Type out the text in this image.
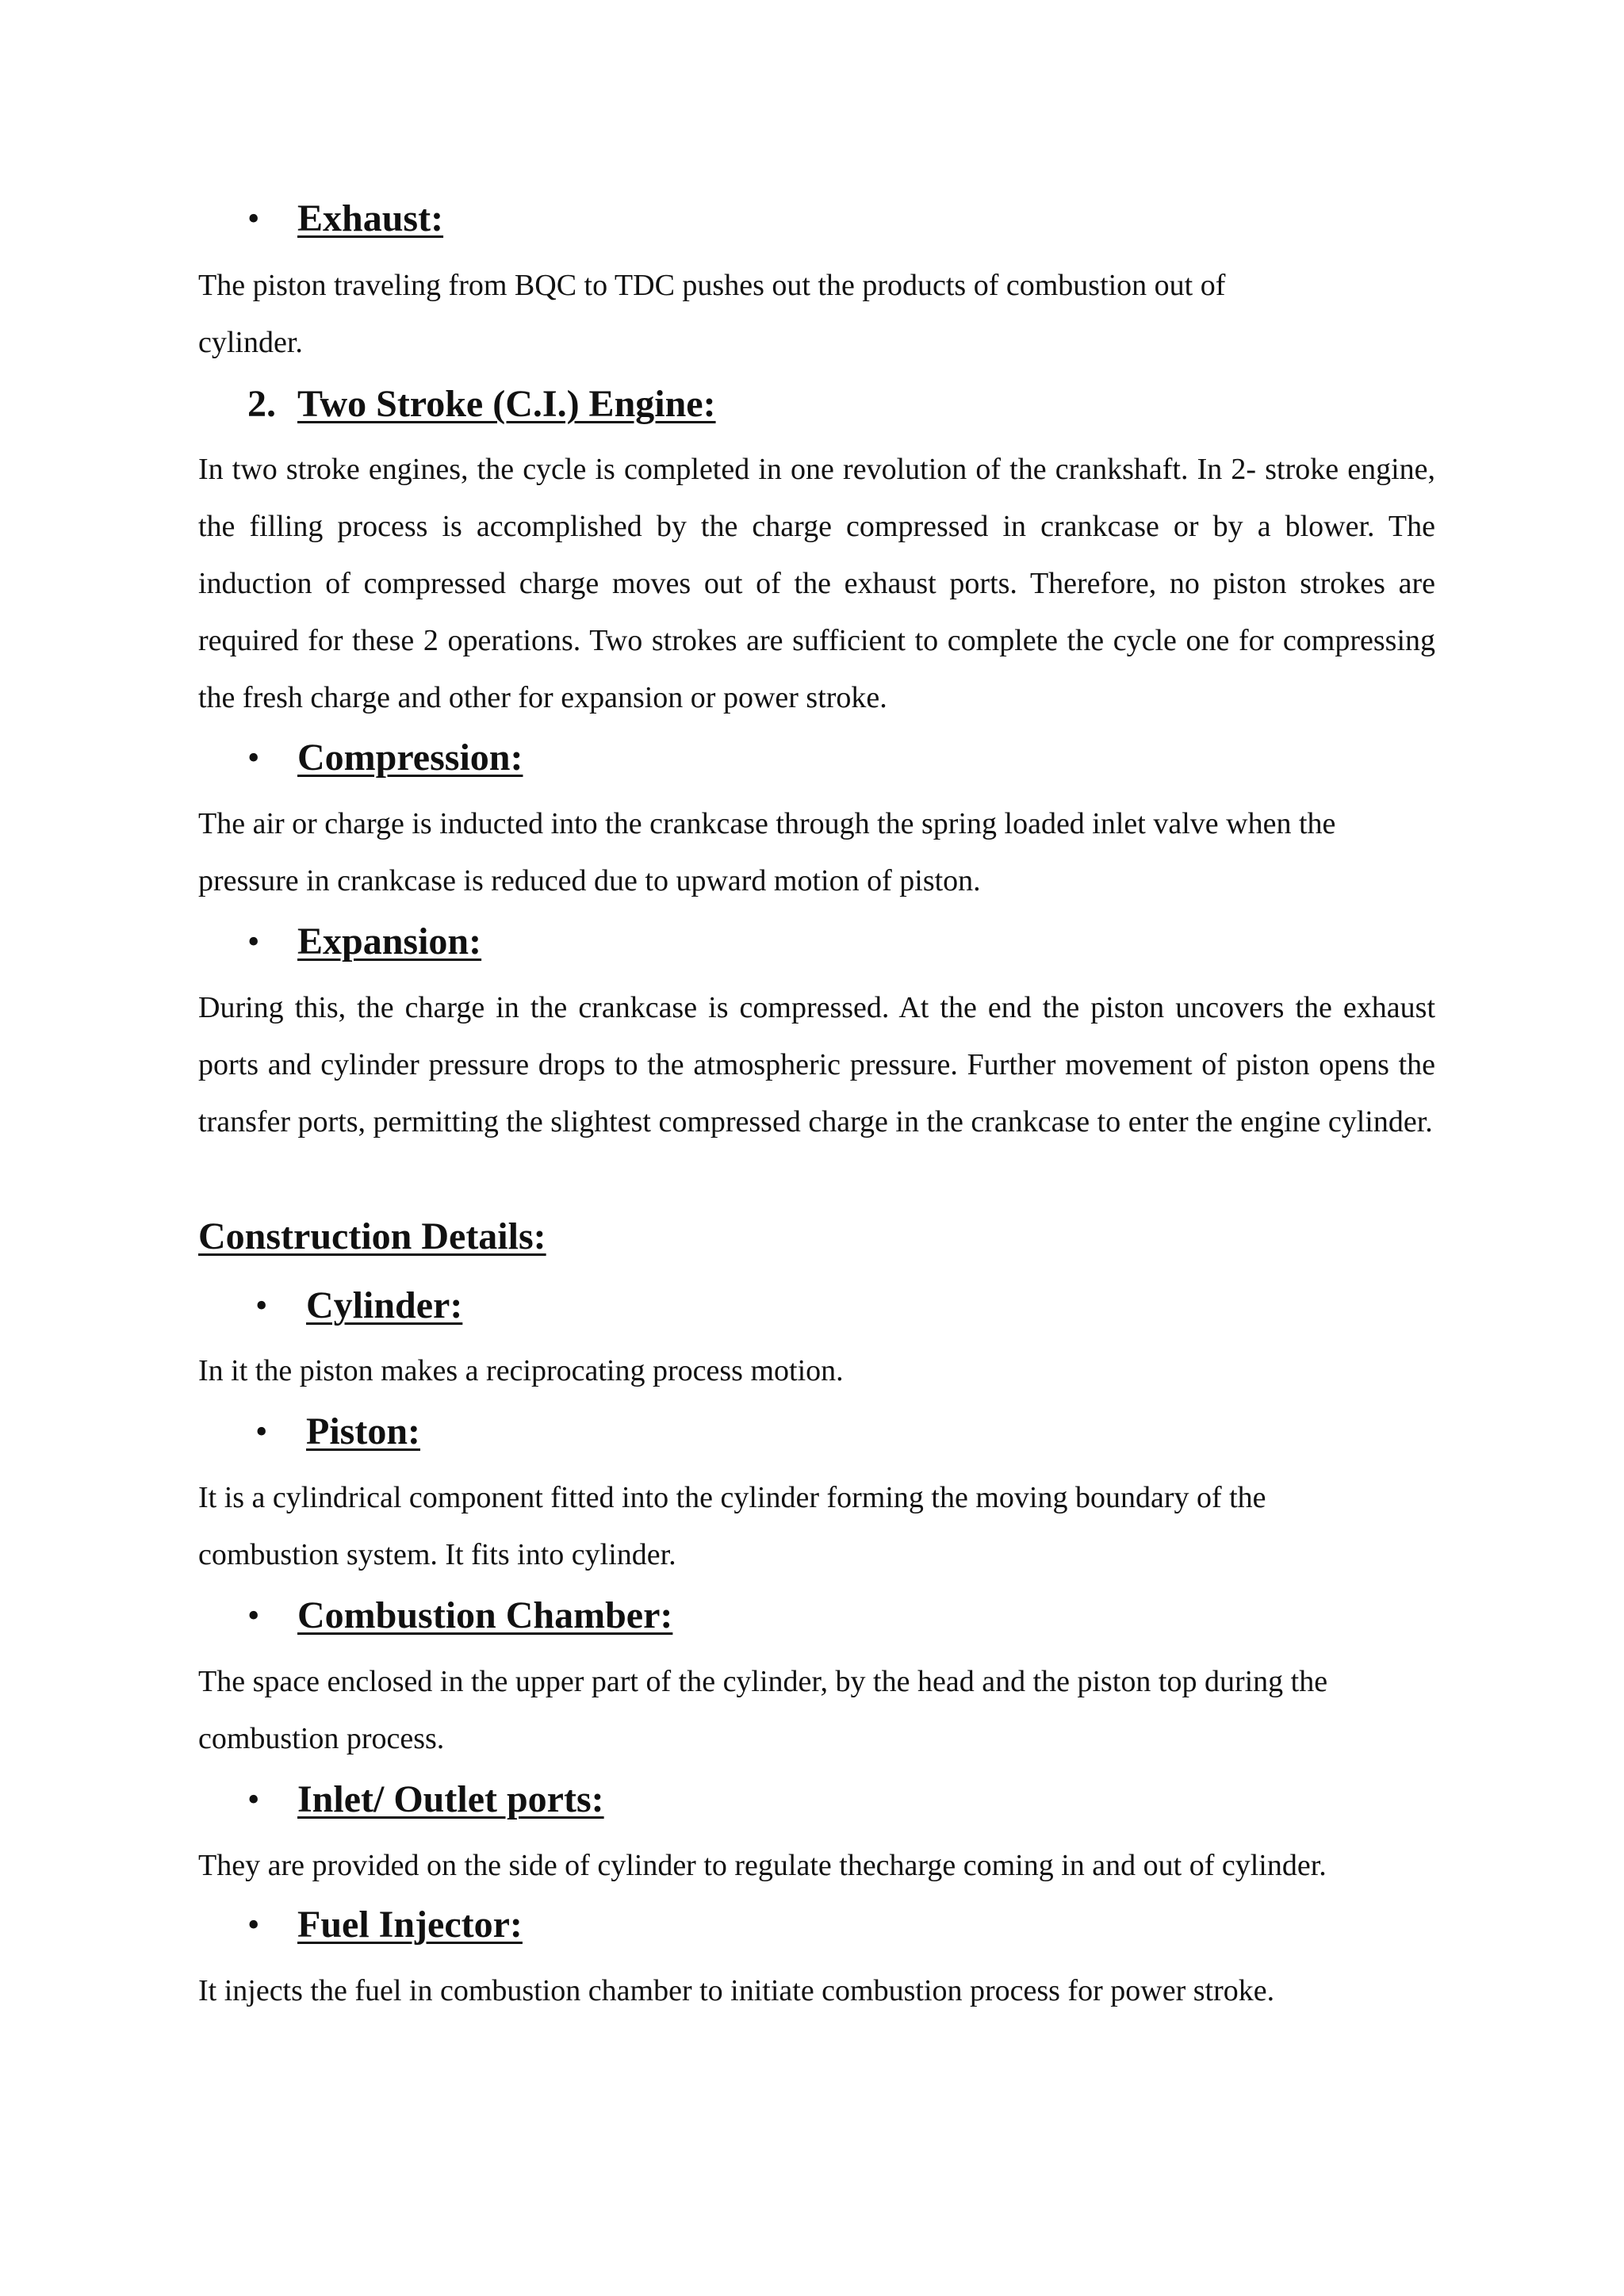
• Exhaust:

The piston traveling from BQC to TDC pushes out the products of combustion out of cylinder.

2. Two Stroke (C.I.) Engine:

In two stroke engines, the cycle is completed in one revolution of the crankshaft. In 2- stroke engine, the filling process is accomplished by the charge compressed in crankcase or by a blower. The induction of compressed charge moves out of the exhaust ports. Therefore, no piston strokes are required for these 2 operations. Two strokes are sufficient to complete the cycle one for compressing the fresh charge and other for expansion or power stroke.

• Compression:

The air or charge is inducted into the crankcase through the spring loaded inlet valve when the pressure in crankcase is reduced due to upward motion of piston.

• Expansion:

During this, the charge in the crankcase is compressed. At the end the piston uncovers the exhaust ports and cylinder pressure drops to the atmospheric pressure. Further movement of piston opens the transfer ports, permitting the slightest compressed charge in the crankcase to enter the engine cylinder.

Construction Details:
• Cylinder:

In it the piston makes a reciprocating process motion.

• Piston:

It is a cylindrical component fitted into the cylinder forming the moving boundary of the combustion system. It fits into cylinder.

• Combustion Chamber:

The space enclosed in the upper part of the cylinder, by the head and the piston top during the combustion process.

• Inlet/ Outlet ports:

They are provided on the side of cylinder to regulate thecharge coming in and out of cylinder.

• Fuel Injector:

It injects the fuel in combustion chamber to initiate combustion process for power stroke.
